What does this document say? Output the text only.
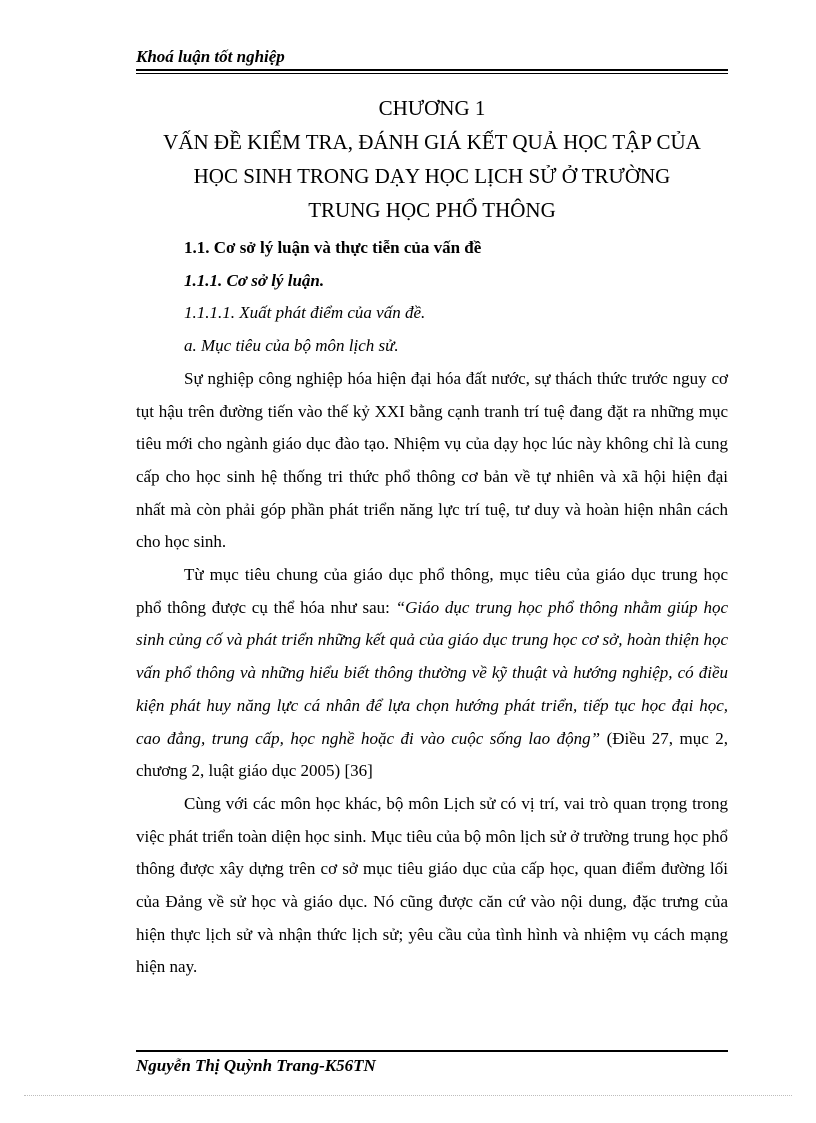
Khoá luận tốt nghiệp
CHƯƠNG 1
VẤN ĐỀ KIỂM TRA, ĐÁNH GIÁ KẾT QUẢ HỌC TẬP CỦA
HỌC SINH TRONG DẠY HỌC LỊCH SỬ Ở TRƯỜNG
TRUNG HỌC PHỔ THÔNG

1.1. Cơ sở lý luận và thực tiễn của vấn đề

1.1.1. Cơ sở lý luận.

1.1.1.1. Xuất phát điểm của vấn đề.

a. Mục tiêu của bộ môn lịch sử.

Sự nghiệp công nghiệp hóa hiện đại hóa đất nước, sự thách thức trước nguy cơ tụt hậu trên đường tiến vào thế kỷ XXI bằng cạnh tranh trí tuệ đang đặt ra những mục tiêu mới cho ngành giáo dục đào tạo. Nhiệm vụ của dạy học lúc này không chỉ là cung cấp cho học sinh hệ thống tri thức phổ thông cơ bản về tự nhiên và xã hội hiện đại nhất mà còn phải góp phần phát triển năng lực trí tuệ, tư duy và hoàn hiện nhân cách cho học sinh.

Từ mục tiêu chung của giáo dục phổ thông, mục tiêu của giáo dục trung học phổ thông được cụ thể hóa như sau: “Giáo dục trung học phổ thông nhằm giúp học sinh củng cố và phát triển những kết quả của giáo dục trung học cơ sở, hoàn thiện học vấn phổ thông và những hiểu biết thông thường về kỹ thuật và hướng nghiệp, có điều kiện phát huy năng lực cá nhân để lựa chọn hướng phát triển, tiếp tục học đại học, cao đẳng, trung cấp, học nghề hoặc đi vào cuộc sống lao động” (Điều 27, mục 2, chương 2, luật giáo dục 2005) [36]

Cùng với các môn học khác, bộ môn Lịch sử có vị trí, vai trò quan trọng trong việc phát triển toàn diện học sinh. Mục tiêu của bộ môn lịch sử ở trường trung học phổ thông được xây dựng trên cơ sở mục tiêu giáo dục của cấp học, quan điểm đường lối của Đảng về sử học và giáo dục. Nó cũng được căn cứ vào nội dung, đặc trưng của hiện thực lịch sử và nhận thức lịch sử; yêu cầu của tình hình và nhiệm vụ cách mạng hiện nay.

Nguyễn Thị Quỳnh Trang-K56TN
